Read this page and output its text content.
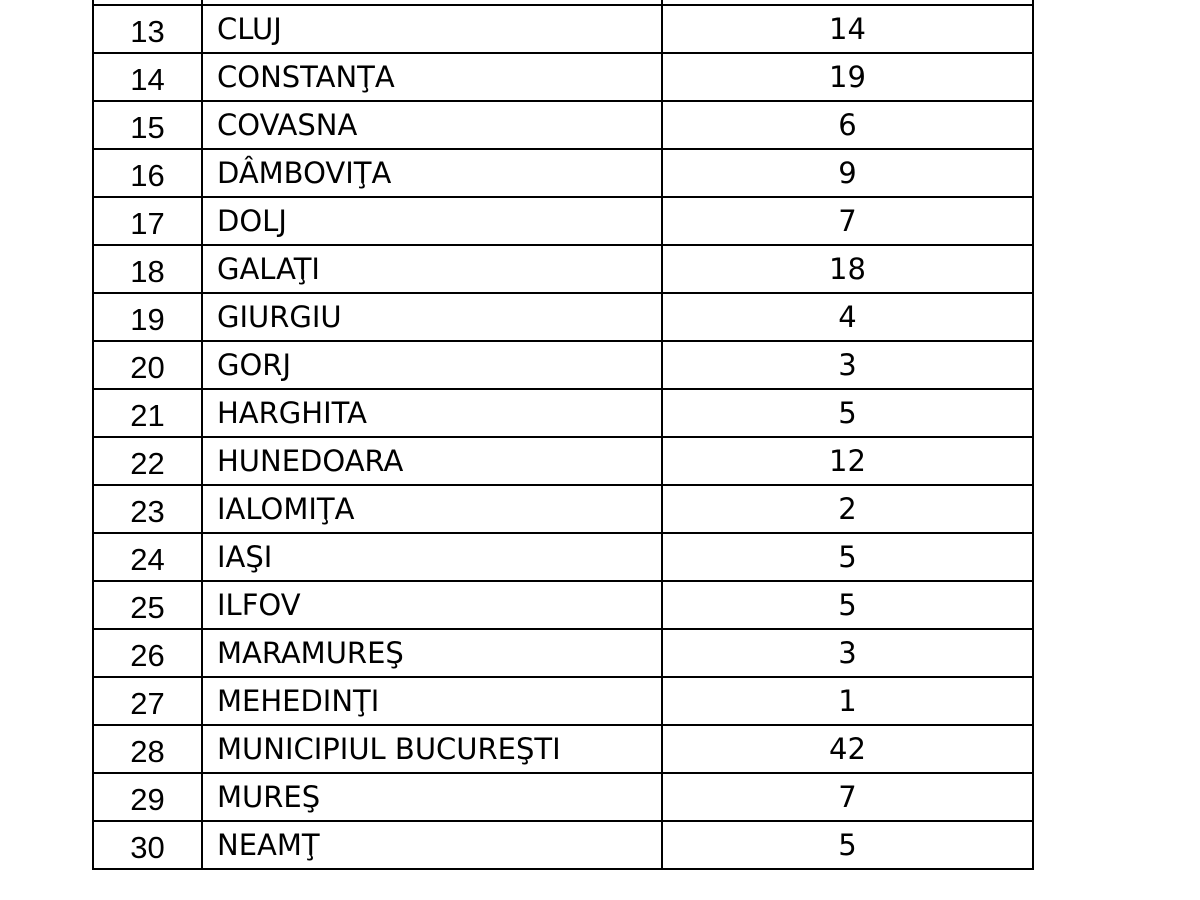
13	CLUJ	14
14	CONSTANŢA	19
15	COVASNA	6
16	DÂMBOVIŢA	9
17	DOLJ	7
18	GALAŢI	18
19	GIURGIU	4
20	GORJ	3
21	HARGHITA	5
22	HUNEDOARA	12
23	IALOMIŢA	2
24	IAŞI	5
25	ILFOV	5
26	MARAMUREŞ	3
27	MEHEDINŢI	1
28	MUNICIPIUL BUCUREŞTI	42
29	MUREŞ	7
30	NEAMŢ	5
